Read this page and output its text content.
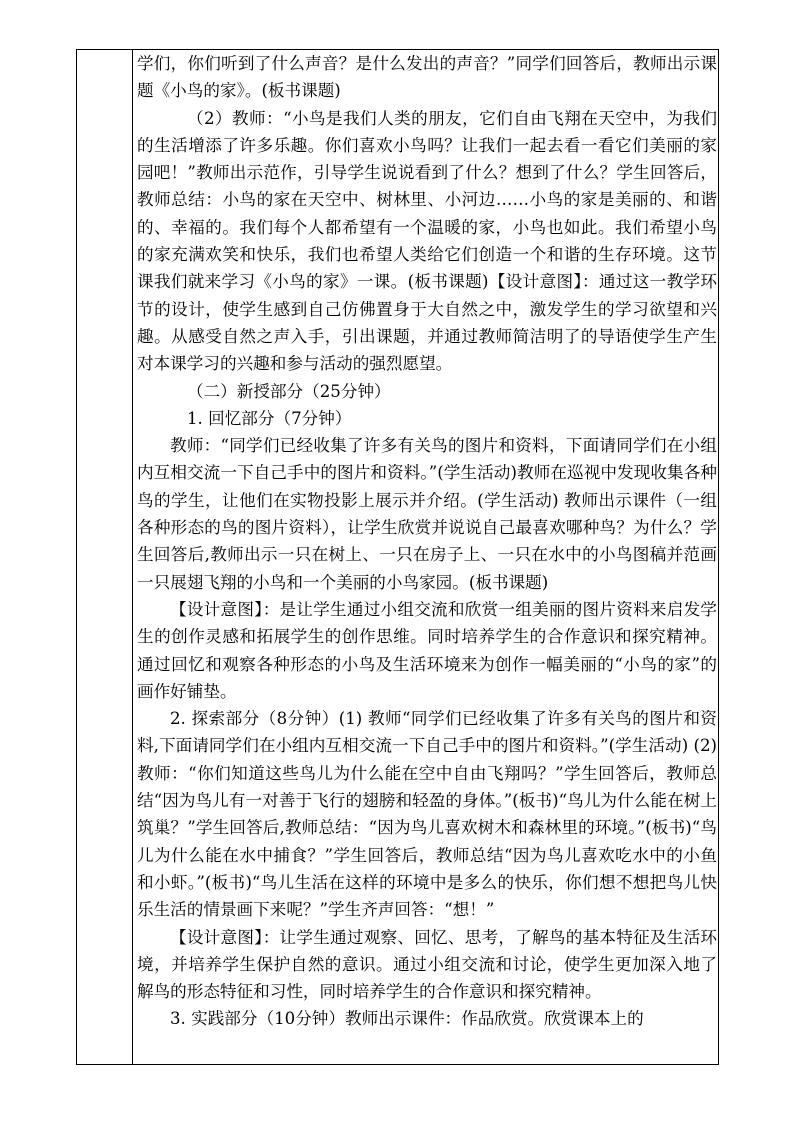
学们，你们听到了什么声音？是什么发出的声音？”同学们回答后，教师出示课题《小鸟的家》。(板书课题)

（2）教师：“小鸟是我们人类的朋友，它们自由飞翔在天空中，为我们的生活增添了许多乐趣。你们喜欢小鸟吗？让我们一起去看一看它们美丽的家园吧！”教师出示范作，引导学生说说看到了什么？想到了什么？学生回答后，教师总结：小鸟的家在天空中、树林里、小河边……小鸟的家是美丽的、和谐的、幸福的。我们每个人都希望有一个温暖的家，小鸟也如此。我们希望小鸟的家充满欢笑和快乐，我们也希望人类给它们创造一个和谐的生存环境。这节课我们就来学习《小鸟的家》一课。(板书课题)【设计意图】：通过这一教学环节的设计，使学生感到自己仿佛置身于大自然之中，激发学生的学习欲望和兴趣。从感受自然之声入手，引出课题，并通过教师简洁明了的导语使学生产生对本课学习的兴趣和参与活动的强烈愿望。

（二）新授部分（25分钟）

1. 回忆部分（7分钟）

教师：“同学们已经收集了许多有关鸟的图片和资料，下面请同学们在小组内互相交流一下自己手中的图片和资料。”(学生活动)教师在巡视中发现收集各种鸟的学生，让他们在实物投影上展示并介绍。(学生活动) 教师出示课件（一组各种形态的鸟的图片资料），让学生欣赏并说说自己最喜欢哪种鸟？为什么？学生回答后,教师出示一只在树上、一只在房子上、一只在水中的小鸟图稿并范画一只展翅飞翔的小鸟和一个美丽的小鸟家园。(板书课题)

【设计意图】：是让学生通过小组交流和欣赏一组美丽的图片资料来启发学生的创作灵感和拓展学生的创作思维。同时培养学生的合作意识和探究精神。通过回忆和观察各种形态的小鸟及生活环境来为创作一幅美丽的“小鸟的家”的画作好铺垫。

2. 探索部分（8分钟）(1) 教师“同学们已经收集了许多有关鸟的图片和资料,下面请同学们在小组内互相交流一下自己手中的图片和资料。”(学生活动) (2) 教师：“你们知道这些鸟儿为什么能在空中自由飞翔吗？”学生回答后，教师总结“因为鸟儿有一对善于飞行的翅膀和轻盈的身体。”(板书)“鸟儿为什么能在树上筑巢？”学生回答后,教师总结：“因为鸟儿喜欢树木和森林里的环境。”(板书)“鸟儿为什么能在水中捕食？”学生回答后，教师总结“因为鸟儿喜欢吃水中的小鱼和小虾。”(板书)“鸟儿生活在这样的环境中是多么的快乐，你们想不想把鸟儿快乐生活的情景画下来呢？”学生齐声回答：“想！”

【设计意图】：让学生通过观察、回忆、思考，了解鸟的基本特征及生活环境，并培养学生保护自然的意识。通过小组交流和讨论，使学生更加深入地了解鸟的形态特征和习性，同时培养学生的合作意识和探究精神。

3. 实践部分（10分钟）教师出示课件：作品欣赏。欣赏课本上的
